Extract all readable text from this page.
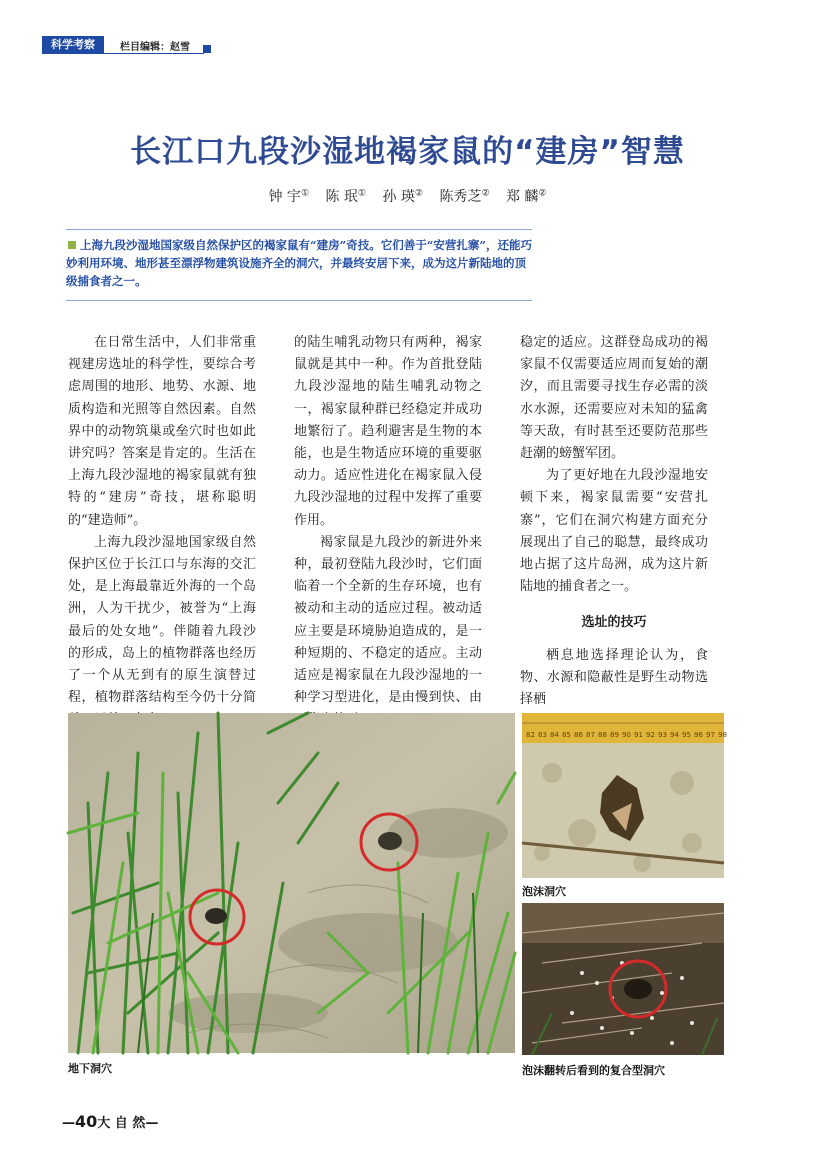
科学考察	栏目编辑：赵雪
长江口九段沙湿地褐家鼠的“建房”智慧
钟 宇① 陈 珉① 孙 瑛② 陈秀芝② 郑 麟②
上海九段沙湿地国家级自然保护区的褐家鼠有“建房”奇技。它们善于“安营扎寨”，还能巧妙利用环境、地形甚至漂浮物建筑设施齐全的洞穴，并最终安居下来，成为这片新陆地的顶级捕食者之一。

在日常生活中，人们非常重视建房选址的科学性，要综合考虑周围的地形、地势、水源、地质构造和光照等自然因素。自然界中的动物筑巢或垒穴时也如此讲究吗？答案是肯定的。生活在上海九段沙湿地的褐家鼠就有独特的“建房”奇技，堪称聪明的“建造师”。

上海九段沙湿地国家级自然保护区位于长江口与东海的交汇处，是上海最靠近外海的一个岛洲，人为干扰少，被誉为“上海最后的处女地”。伴随着九段沙的形成，岛上的植物群落也经历了一个从无到有的原生演替过程，植物群落结构至今仍十分简

的陆生哺乳动物只有两种，褐家鼠就是其中一种。作为首批登陆九段沙湿地的陆生哺乳动物之一，褐家鼠种群已经稳定并成功地繁衍了。趋利避害是生物的本能，也是生物适应环境的重要驱动力。适应性进化在褐家鼠入侵九段沙湿地的过程中发挥了重要作用。

褐家鼠是九段沙的新进外来种，最初登陆九段沙时，它们面临着一个全新的生存环境，也有被动和主动的适应过程。被动适应主要是环境胁迫造成的，是一种短期的、不稳定的适应。主动适应是褐家鼠在九段沙湿地的一种学习型进化，是由慢到快、由

稳定的适应。这群登岛成功的褐家鼠不仅需要适应周而复始的潮汐，而且需要寻找生存必需的淡水水源，还需要应对未知的猛禽等天敌，有时甚至还要防范那些赶潮的螃蟹军团。

为了更好地在九段沙湿地安顿下来，褐家鼠需要“安营扎寨”，它们在洞穴构建方面充分展现出了自己的聪慧，最终成功地占据了这片岛洲，成为这片新陆地的捕食者之一。

选址的技巧

栖息地选择理论认为，食物、水源和隐蔽性是野生动物选择栖

地下洞穴
82 83 84 85 86 87 88 89 90 91 92 93 94 95 96 97 98
泡沫洞穴
泡沫翻转后看到的复合型洞穴
—40大 自 然—
